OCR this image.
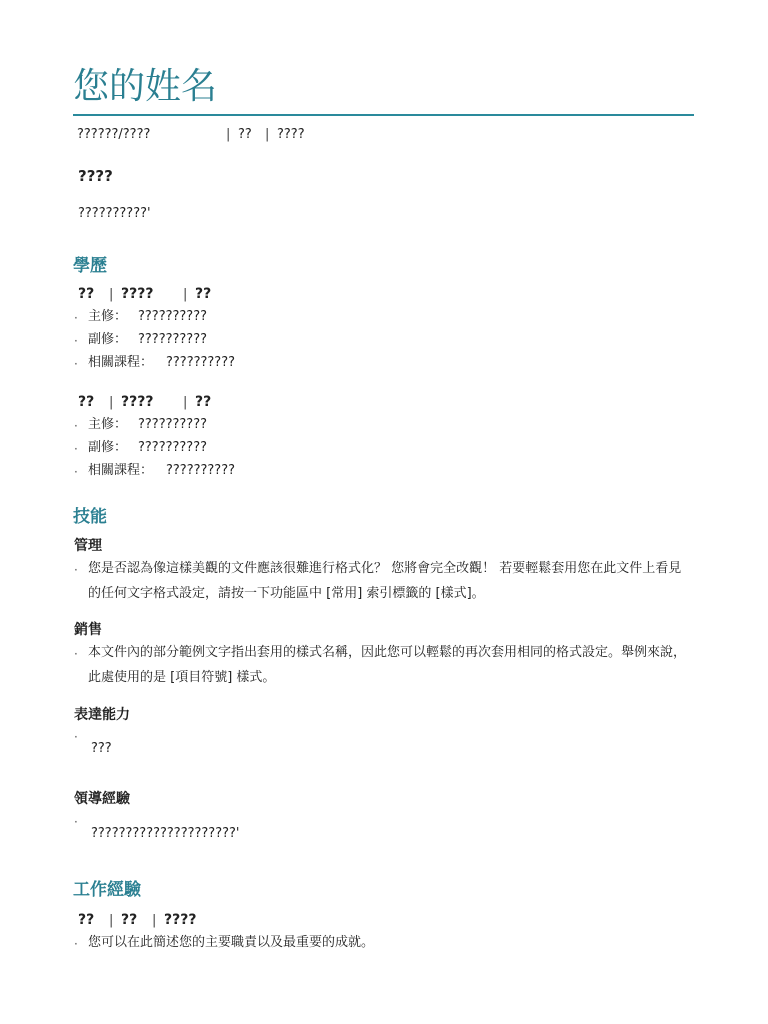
您的姓名
??????/????	| ?? | ????
????
??????????'
學歷
?? | ???? | ??
· 主修： ??????????
· 副修： ??????????
· 相關課程： ??????????
?? | ???? | ??
· 主修： ??????????
· 副修： ??????????
· 相關課程： ??????????
技能
管理
· 您是否認為像這樣美觀的文件應該很難進行格式化？ 您將會完全改觀！ 若要輕鬆套用您在此文件上看見的任何文字格式設定，請按一下功能區中 [常用] 索引標籤的 [樣式]。
銷售
· 本文件內的部分範例文字指出套用的樣式名稱，因此您可以輕鬆的再次套用相同的格式設定。舉例來說，此處使用的是 [項目符號] 樣式。
表達能力
·
???
領導經驗
·
?????????????????????'
工作經驗
?? | ?? | ????
· 您可以在此簡述您的主要職責以及最重要的成就。
